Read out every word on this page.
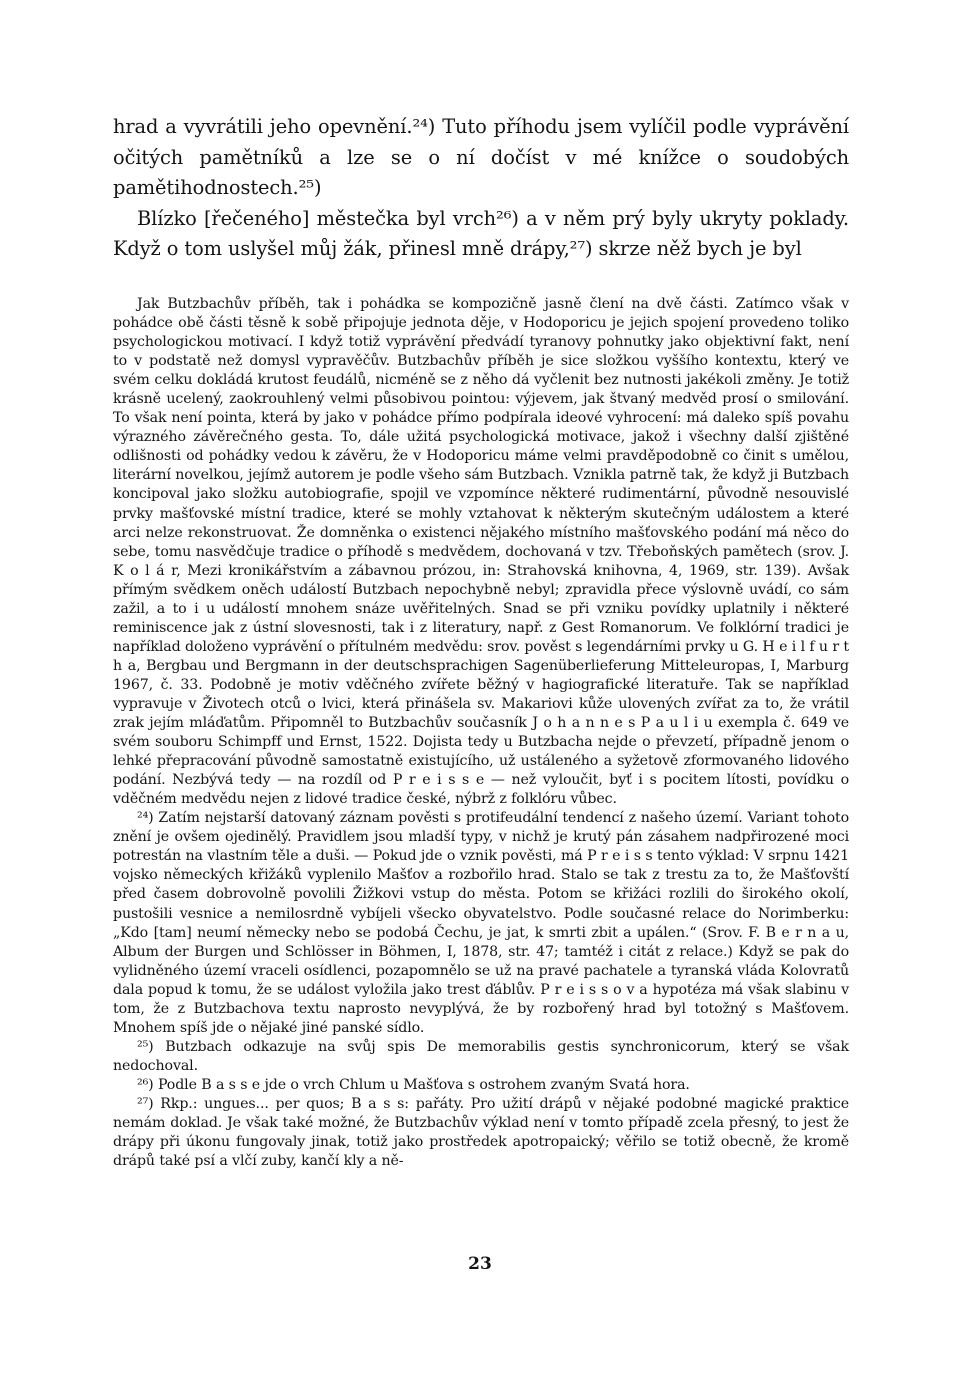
hrad a vyvrátili jeho opevnění.²⁴) Tuto příhodu jsem vylíčil podle vyprávění očitých pamětníků a lze se o ní dočíst v mé knížce o soudobých pamětihodnostech.²⁵)

Blízko [řečeného] městečka byl vrch²⁶) a v něm prý byly ukryty poklady. Když o tom uslyšel můj žák, přinesl mně drápy,²⁷) skrze něž bych je byl

Jak Butzbachův příběh, tak i pohádka se kompozičně jasně člení na dvě části. Zatímco však v pohádce obě části těsně k sobě připojuje jednota děje, v Hodoporicu je jejich spojení provedeno toliko psychologickou motivací. I když totiž vyprávění předvádí tyranovy pohnutky jako objektivní fakt, není to v podstatě než domysl vypravěčův. Butzbachův příběh je sice složkou vyššího kontextu, který ve svém celku dokládá krutost feudálů, nicméně se z něho dá vyčlenit bez nutnosti jakékoli změny. Je totiž krásně ucelený, zaokrouhlený velmi působivou pointou: výjevem, jak štvaný medvěd prosí o smilování. To však není pointa, která by jako v pohádce přímo podpírala ideové vyhrocení: má daleko spíš povahu výrazného závěrečného gesta. To, dále užitá psychologická motivace, jakož i všechny další zjištěné odlišnosti od pohádky vedou k závěru, že v Hodoporicu máme velmi pravděpodobně co činit s umělou, literární novelkou, jejímž autorem je podle všeho sám Butzbach. Vznikla patrně tak, že když ji Butzbach koncipoval jako složku autobiografie, spojil ve vzpomínce některé rudimentární, původně nesouvislé prvky mašťovské místní tradice, které se mohly vztahovat k některým skutečným událostem a které arci nelze rekonstruovat. Že domněnka o existenci nějakého místního mašťovského podání má něco do sebe, tomu nasvědčuje tradice o příhodě s medvědem, dochovaná v tzv. Třeboňských pamětech (srov. J. K o l á r, Mezi kronikářstvím a zábavnou prózou, in: Strahovská knihovna, 4, 1969, str. 139). Avšak přímým svědkem oněch událostí Butzbach nepochybně nebyl; zpravidla přece výslovně uvádí, co sám zažil, a to i u událostí mnohem snáze uvěřitelných. Snad se při vzniku povídky uplatnily i některé reminiscence jak z ústní slovesnosti, tak i z literatury, např. z Gest Romanorum. Ve folklórní tradici je například doloženo vyprávění o přítulném medvědu: srov. pověst s legendárními prvky u G. H e i l f u r t h a, Bergbau und Bergmann in der deutschsprachigen Sagenüberlieferung Mitteleuropas, I, Marburg 1967, č. 33. Podobně je motiv vděčného zvířete běžný v hagiografické literatuře. Tak se například vypravuje v Životech otců o lvici, která přinášela sv. Makariovi kůže ulovených zvířat za to, že vrátil zrak jejím mláďatům. Připomněl to Butzbachův současník J o h a n n e s P a u l i u exempla č. 649 ve svém souboru Schimpff und Ernst, 1522. Dojista tedy u Butzbacha nejde o převzetí, případně jenom o lehké přepracování původně samostatně existujícího, už ustáleného a syžetově zformovaného lidového podání. Nezbývá tedy — na rozdíl od P r e i s s e — než vyloučit, byť i s pocitem lítosti, povídku o vděčném medvědu nejen z lidové tradice české, nýbrž z folklóru vůbec.

²⁴) Zatím nejstarší datovaný záznam pověsti s protifeudální tendencí z našeho území. Variant tohoto znění je ovšem ojedinělý. Pravidlem jsou mladší typy, v nichž je krutý pán zásahem nadpřirozené moci potrestán na vlastním těle a duši. — Pokud jde o vznik pověsti, má P r e i s s tento výklad: V srpnu 1421 vojsko německých křižáků vyplenilo Mašťov a rozbořilo hrad. Stalo se tak z trestu za to, že Mašťovští před časem dobrovolně povolili Žižkovi vstup do města. Potom se křižáci rozlili do širokého okolí, pustošili vesnice a nemilosrdně vybíjeli všecko obyvatelstvo. Podle současné relace do Norimberku: „Kdo [tam] neumí německy nebo se podobá Čechu, je jat, k smrti zbit a upálen.“ (Srov. F. B e r n a u, Album der Burgen und Schlösser in Böhmen, I, 1878, str. 47; tamtéž i citát z relace.) Když se pak do vylidněného území vraceli osídlenci, pozapomnělo se už na pravé pachatele a tyranská vláda Kolovratů dala popud k tomu, že se událost vyložila jako trest ďáblův. P r e i s s o v a hypotéza má však slabinu v tom, že z Butzbachova textu naprosto nevyplývá, že by rozbořený hrad byl totožný s Mašťovem. Mnohem spíš jde o nějaké jiné panské sídlo.

²⁵) Butzbach odkazuje na svůj spis De memorabilis gestis synchronicorum, který se však nedochoval.

²⁶) Podle B a s s e jde o vrch Chlum u Mašťova s ostrohem zvaným Svatá hora.

²⁷) Rkp.: ungues... per quos; B a s s: pařáty. Pro užití drápů v nějaké podobné magické praktice nemám doklad. Je však také možné, že Butzbachův výklad není v tomto případě zcela přesný, to jest že drápy při úkonu fungovaly jinak, totiž jako prostředek apotropaický; věřilo se totiž obecně, že kromě drápů také psí a vlčí zuby, kančí kly a ně-

23
